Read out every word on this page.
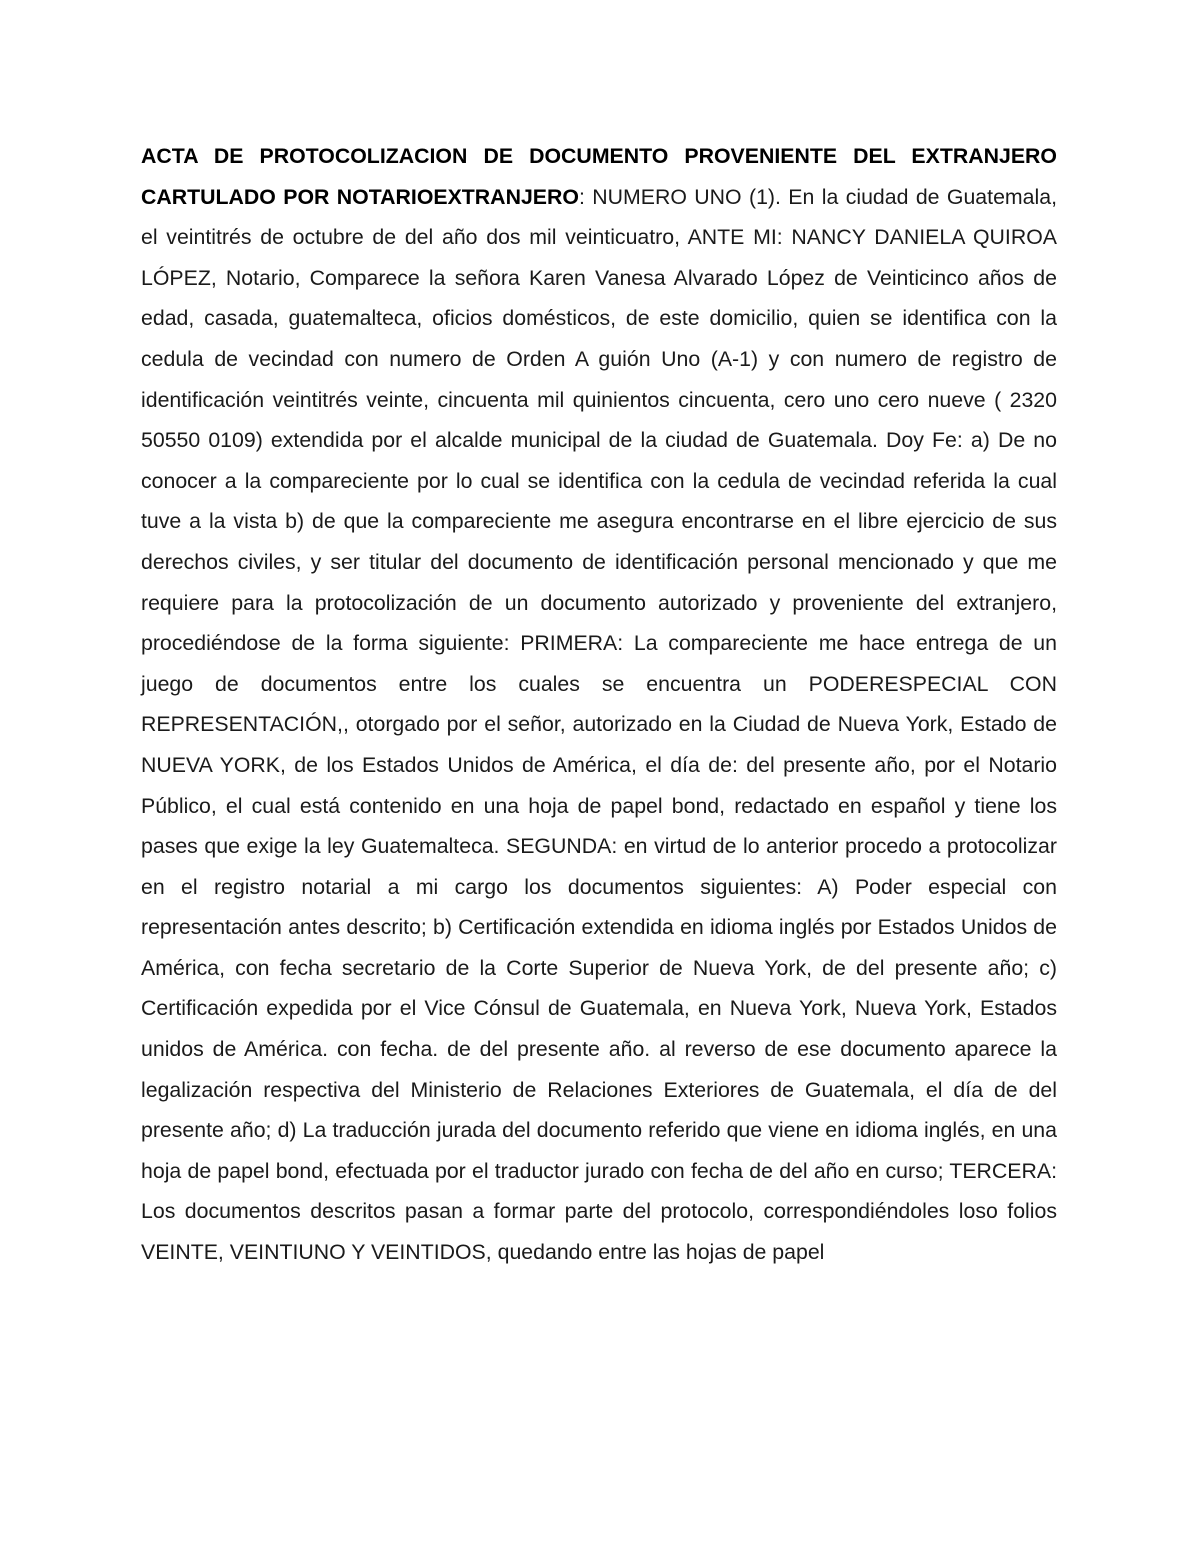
ACTA DE PROTOCOLIZACION DE DOCUMENTO PROVENIENTE DEL EXTRANJERO CARTULADO POR NOTARIOEXTRANJERO: NUMERO UNO (1). En la ciudad de Guatemala, el veintitrés de octubre de del año dos mil veinticuatro, ANTE MI: NANCY DANIELA QUIROA LÓPEZ, Notario, Comparece la señora Karen Vanesa Alvarado López de Veinticinco años de edad, casada, guatemalteca, oficios domésticos, de este domicilio, quien se identifica con la cedula de vecindad con numero de Orden A guión Uno (A-1) y con numero de registro de identificación veintitrés veinte, cincuenta mil quinientos cincuenta, cero uno cero nueve ( 2320 50550 0109) extendida por el alcalde municipal de la ciudad de Guatemala. Doy Fe: a) De no conocer a la compareciente por lo cual se identifica con la cedula de vecindad referida la cual tuve a la vista b) de que la compareciente me asegura encontrarse en el libre ejercicio de sus derechos civiles, y ser titular del documento de identificación personal mencionado y que me requiere para la protocolización de un documento autorizado y proveniente del extranjero, procediéndose de la forma siguiente: PRIMERA: La compareciente me hace entrega de un juego de documentos entre los cuales se encuentra un PODERESPECIAL CON REPRESENTACIÓN,, otorgado por el señor, autorizado en la Ciudad de Nueva York, Estado de NUEVA YORK, de los Estados Unidos de América, el día de: del presente año, por el Notario Público, el cual está contenido en una hoja de papel bond, redactado en español y tiene los pases que exige la ley Guatemalteca. SEGUNDA: en virtud de lo anterior procedo a protocolizar en el registro notarial a mi cargo los documentos siguientes: A) Poder especial con representación antes descrito; b) Certificación extendida en idioma inglés por Estados Unidos de América, con fecha secretario de la Corte Superior de Nueva York, de del presente año; c) Certificación expedida por el Vice Cónsul de Guatemala, en Nueva York, Nueva York, Estados unidos de América. con fecha. de del presente año. al reverso de ese documento aparece la legalización respectiva del Ministerio de Relaciones Exteriores de Guatemala, el día de del presente año; d) La traducción jurada del documento referido que viene en idioma inglés, en una hoja de papel bond, efectuada por el traductor jurado con fecha de del año en curso; TERCERA: Los documentos descritos pasan a formar parte del protocolo, correspondiéndoles loso folios VEINTE, VEINTIUNO Y VEINTIDOS, quedando entre las hojas de papel
